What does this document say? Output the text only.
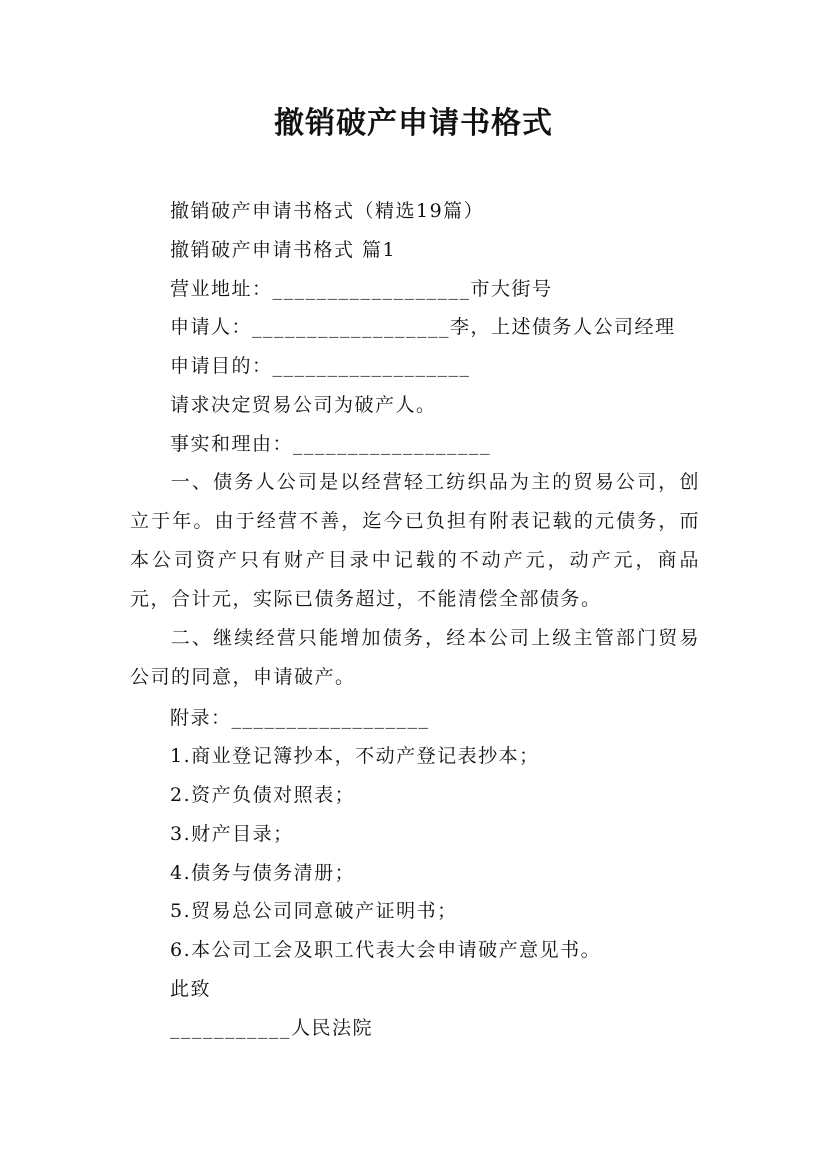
撤销破产申请书格式
撤销破产申请书格式（精选19篇）
撤销破产申请书格式 篇1
营业地址：__________________市大街号
申请人：__________________李，上述债务人公司经理
申请目的：__________________
请求决定贸易公司为破产人。
事实和理由：__________________
一、债务人公司是以经营轻工纺织品为主的贸易公司，创立于年。由于经营不善，迄今已负担有附表记载的元债务，而本公司资产只有财产目录中记载的不动产元，动产元，商品元，合计元，实际已债务超过，不能清偿全部债务。
二、继续经营只能增加债务，经本公司上级主管部门贸易公司的同意，申请破产。
附录：__________________
1.商业登记簿抄本，不动产登记表抄本；
2.资产负债对照表；
3.财产目录；
4.债务与债务清册；
5.贸易总公司同意破产证明书；
6.本公司工会及职工代表大会申请破产意见书。
此致
___________人民法院
